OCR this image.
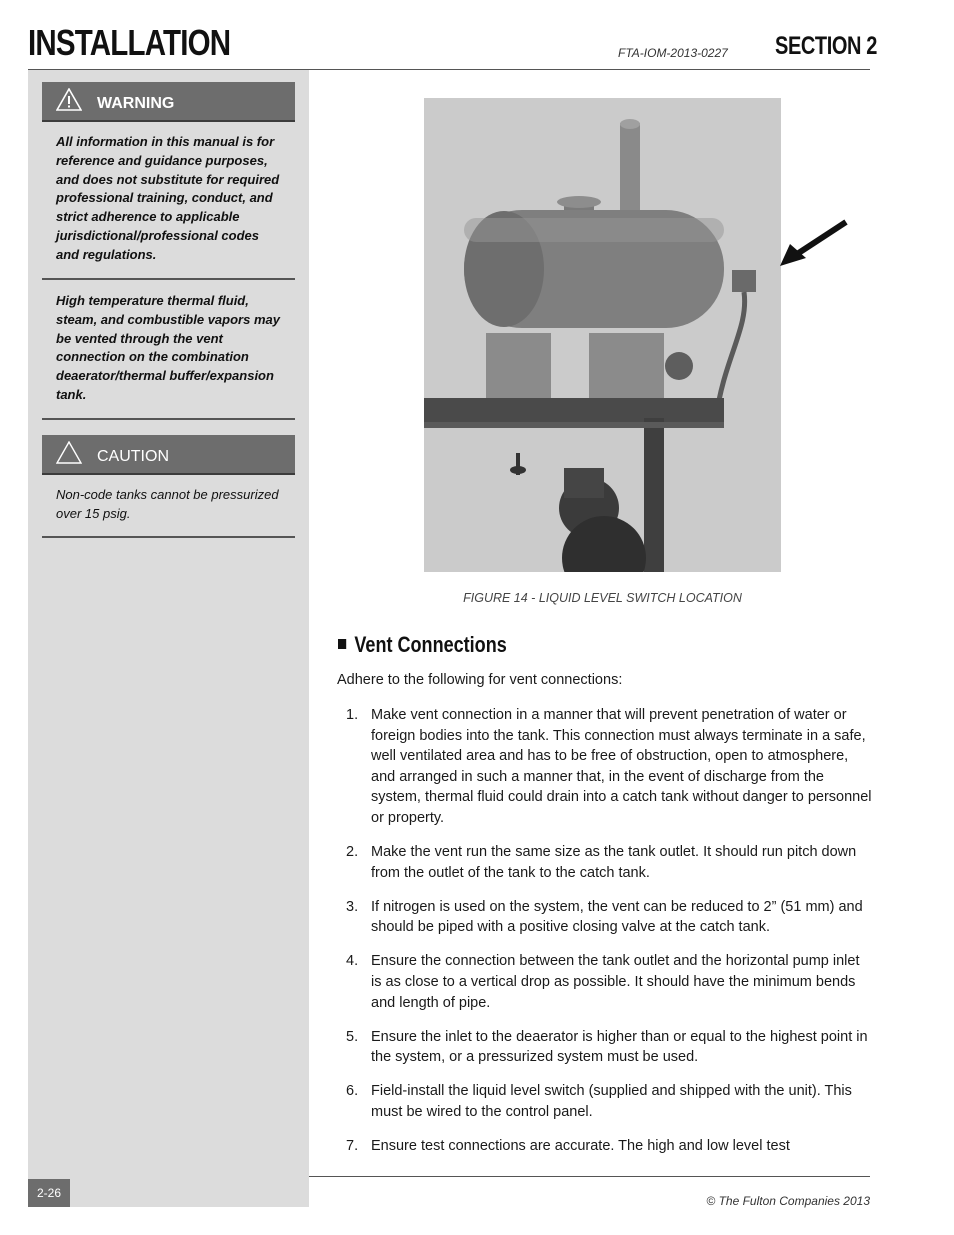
INSTALLATION	FTA-IOM-2013-0227 SECTION 2
WARNING
All information in this manual is for reference and guidance purposes, and does not substitute for required professional training, conduct, and strict adherence to applicable jurisdictional/professional codes and regulations.
High temperature thermal fluid, steam, and combustible vapors may be vented through the vent connection on the combination deaerator/thermal buffer/expansion tank.
CAUTION
Non-code tanks cannot be pressurized over 15 psig.
FIGURE 14 - LIQUID LEVEL SWITCH LOCATION
Vent Connections
Adhere to the following for vent connections:
1. Make vent connection in a manner that will prevent penetration of water or foreign bodies into the tank. This connection must always terminate in a safe, well ventilated area and has to be free of obstruction, open to atmosphere, and arranged in such a manner that, in the event of discharge from the system, thermal fluid could drain into a catch tank without danger to personnel or property.
2. Make the vent run the same size as the tank outlet. It should run pitch down from the outlet of the tank to the catch tank.
3. If nitrogen is used on the system, the vent can be reduced to 2” (51 mm) and should be piped with a positive closing valve at the catch tank.
4. Ensure the connection between the tank outlet and the horizontal pump inlet is as close to a vertical drop as possible. It should have the minimum bends and length of pipe.
5. Ensure the inlet to the deaerator is higher than or equal to the highest point in the system, or a pressurized system must be used.
6. Field-install the liquid level switch (supplied and shipped with the unit). This must be wired to the control panel.
7. Ensure test connections are accurate. The high and low level test
2-26
© The Fulton Companies 2013
